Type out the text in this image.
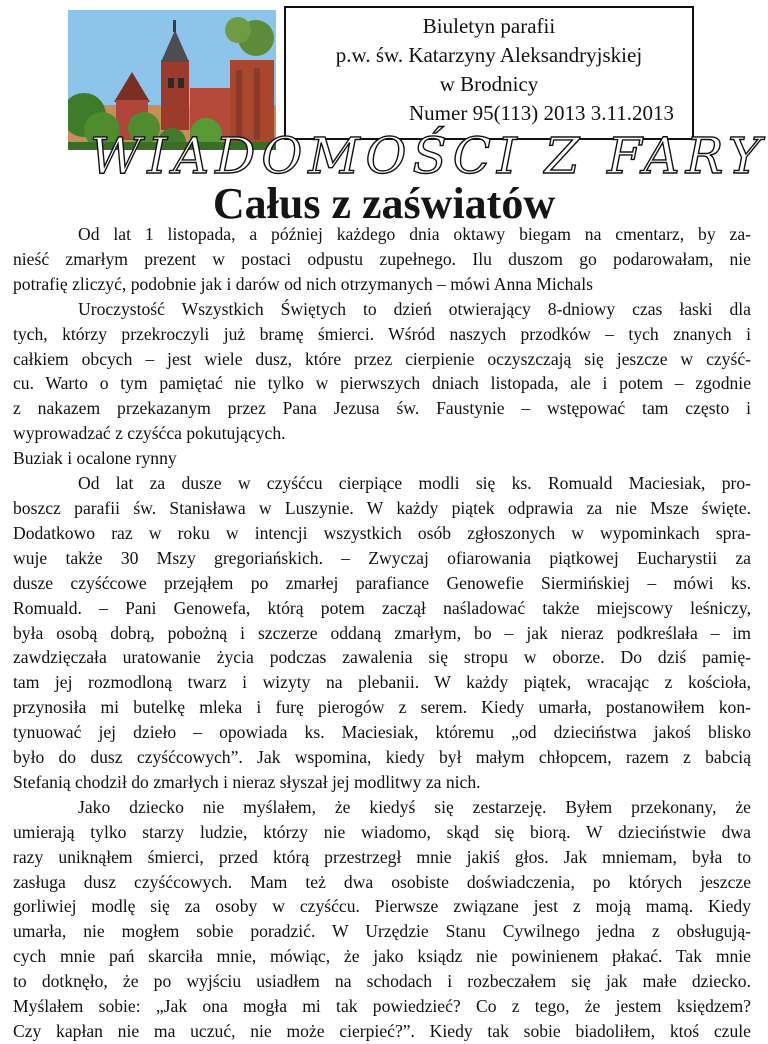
Biuletyn parafii
p.w. św. Katarzyny Aleksandryjskiej
w Brodnicy
Numer 95(113) 2013 3.11.2013
WIADOMOŚCI Z FARY
Całus z zaświatów
Od lat 1 listopada, a później każdego dnia oktawy biegam na cmentarz, by za-
nieść zmarłym prezent w postaci odpustu zupełnego. Ilu duszom go podarowałam, nie
potrafię zliczyć, podobnie jak i darów od nich otrzymanych – mówi Anna Michals
Uroczystość Wszystkich Świętych to dzień otwierający 8-dniowy czas łaski dla
tych, którzy przekroczyli już bramę śmierci. Wśród naszych przodków – tych znanych i
całkiem obcych – jest wiele dusz, które przez cierpienie oczyszczają się jeszcze w czyść-
cu. Warto o tym pamiętać nie tylko w pierwszych dniach listopada, ale i potem – zgodnie
z nakazem przekazanym przez Pana Jezusa św. Faustynie – wstępować tam często i
wyprowadzać z czyśćca pokutujących.
Buziak i ocalone rynny
Od lat za dusze w czyśćcu cierpiące modli się ks. Romuald Maciesiak, pro-
boszcz parafii św. Stanisława w Luszynie. W każdy piątek odprawia za nie Msze święte.
Dodatkowo raz w roku w intencji wszystkich osób zgłoszonych w wypominkach spra-
wuje także 30 Mszy gregoriańskich. – Zwyczaj ofiarowania piątkowej Eucharystii za
dusze czyśćcowe przejąłem po zmarłej parafiance Genowefie Siermińskiej – mówi ks.
Romuald. – Pani Genowefa, którą potem zaczął naśladować także miejscowy leśniczy,
była osobą dobrą, pobożną i szczerze oddaną zmarłym, bo – jak nieraz podkreślała – im
zawdzięczała uratowanie życia podczas zawalenia się stropu w oborze. Do dziś pamię-
tam jej rozmodloną twarz i wizyty na plebanii. W każdy piątek, wracając z kościoła,
przynosiła mi butelkę mleka i furę pierogów z serem. Kiedy umarła, postanowiłem kon-
tynuować jej dzieło – opowiada ks. Maciesiak, któremu „od dzieciństwa jakoś blisko
było do dusz czyśćcowych”. Jak wspomina, kiedy był małym chłopcem, razem z babcią
Stefanią chodził do zmarłych i nieraz słyszał jej modlitwy za nich.
Jako dziecko nie myślałem, że kiedyś się zestarzeję. Byłem przekonany, że
umierają tylko starzy ludzie, którzy nie wiadomo, skąd się biorą. W dzieciństwie dwa
razy uniknąłem śmierci, przed którą przestrzegł mnie jakiś głos. Jak mniemam, była to
zasługa dusz czyśćcowych. Mam też dwa osobiste doświadczenia, po których jeszcze
gorliwiej modlę się za osoby w czyśćcu. Pierwsze związane jest z moją mamą. Kiedy
umarła, nie mogłem sobie poradzić. W Urzędzie Stanu Cywilnego jedna z obsługują-
cych mnie pań skarciła mnie, mówiąc, że jako ksiądz nie powinienem płakać. Tak mnie
to dotknęło, że po wyjściu usiadłem na schodach i rozbeczałem się jak małe dziecko.
Myślałem sobie: „Jak ona mogła mi tak powiedzieć? Co z tego, że jestem księdzem?
Czy kapłan nie ma uczuć, nie może cierpieć?”. Kiedy tak sobie biadoliłem, ktoś czule
